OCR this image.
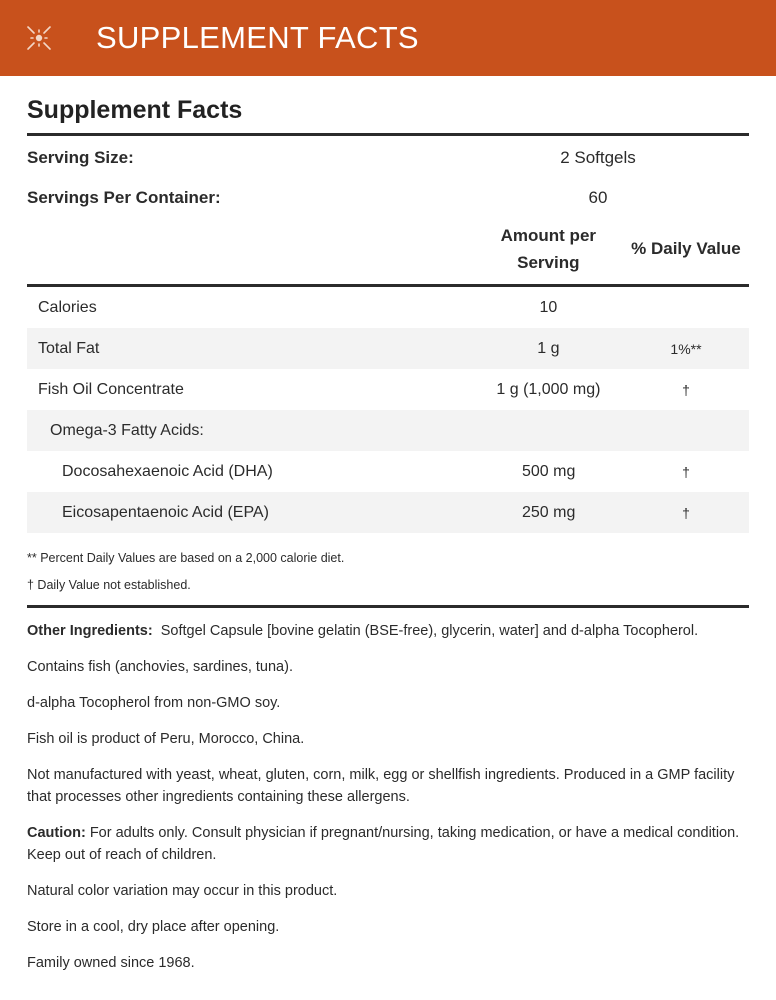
SUPPLEMENT FACTS
Supplement Facts
Serving Size:	2 Softgels
Servings Per Container:	60
Amount per
Serving
% Daily Value
Calories	10
Total Fat	1 g	1%**
Fish Oil Concentrate	1 g (1,000 mg)	†
Omega-3 Fatty Acids:
Docosahexaenoic Acid (DHA)	500 mg	†
Eicosapentaenoic Acid (EPA)	250 mg	†
** Percent Daily Values are based on a 2,000 calorie diet.
† Daily Value not established.

Other Ingredients: Softgel Capsule [bovine gelatin (BSE-free), glycerin, water] and d-alpha Tocopherol.

Contains fish (anchovies, sardines, tuna).

d-alpha Tocopherol from non-GMO soy.

Fish oil is product of Peru, Morocco, China.

Not manufactured with yeast, wheat, gluten, corn, milk, egg or shellfish ingredients. Produced in a GMP facility that processes other ingredients containing these allergens.

Caution: For adults only. Consult physician if pregnant/nursing, taking medication, or have a medical condition. Keep out of reach of children.

Natural color variation may occur in this product.

Store in a cool, dry place after opening.

Family owned since 1968.
